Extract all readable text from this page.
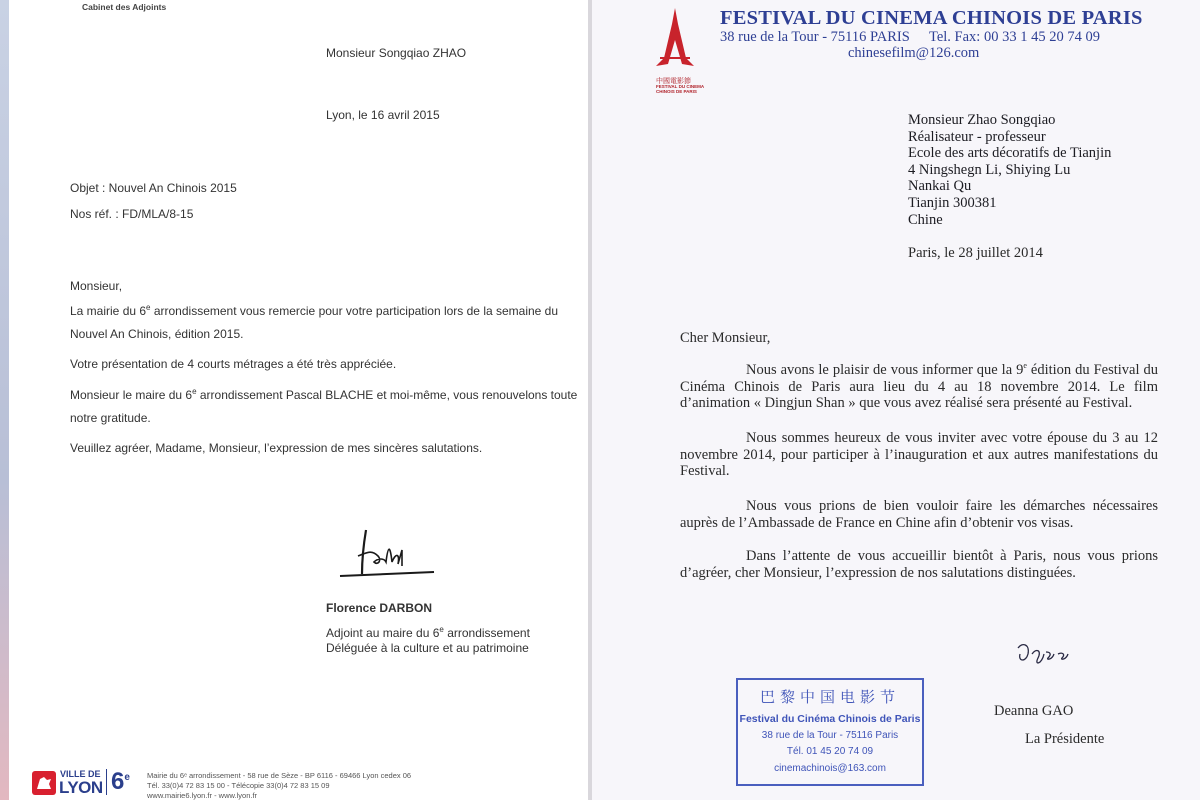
Cabinet des Adjoints
Monsieur Songqiao ZHAO
Lyon, le 16 avril 2015
Objet : Nouvel An Chinois 2015
Nos réf. : FD/MLA/8-15
Monsieur,
La mairie du 6e arrondissement vous remercie pour votre participation lors de la semaine du
Nouvel An Chinois, édition 2015.
Votre présentation de 4 courts métrages a été très appréciée.
Monsieur le maire du 6e arrondissement Pascal BLACHE et moi-même, vous renouvelons toute
notre gratitude.
Veuillez agréer, Madame, Monsieur, l’expression de mes sincères salutations.
Florence DARBON
Adjoint au maire du 6e arrondissement
Déléguée à la culture et au patrimoine
VILLE DE
LYON 6e Mairie du 6ᵉ arrondissement - 58 rue de Sèze - BP 6116 - 69466 Lyon cedex 06
Tél. 33(0)4 72 83 15 00 - Télécopie 33(0)4 72 83 15 09
www.mairie6.lyon.fr - www.lyon.fr
中國電影節
FESTIVAL DU CINEMA
CHINOIS DE PARIS
FESTIVAL DU CINEMA CHINOIS DE PARIS
38 rue de la Tour - 75116 PARIS Tel. Fax: 00 33 1 45 20 74 09
chinesefilm@126.com
Monsieur Zhao Songqiao
Réalisateur - professeur
Ecole des arts décoratifs de Tianjin
4 Ningshegn Li, Shiying Lu
Nankai Qu
Tianjin 300381
Chine
Paris, le 28 juillet 2014
Cher Monsieur,
Nous avons le plaisir de vous informer que la 9e édition du Festival du Cinéma Chinois de Paris aura lieu du 4 au 18 novembre 2014. Le film d’animation « Dingjun Shan » que vous avez réalisé sera présenté au Festival.
Nous sommes heureux de vous inviter avec votre épouse du 3 au 12 novembre 2014, pour participer à l’inauguration et aux autres manifestations du Festival.
Nous vous prions de bien vouloir faire les démarches nécessaires auprès de l’Ambassade de France en Chine afin d’obtenir vos visas.
Dans l’attente de vous accueillir bientôt à Paris, nous vous prions d’agréer, cher Monsieur, l’expression de nos salutations distinguées.
Deanna GAO
La Présidente
巴黎中国电影节
Festival du Cinéma Chinois de Paris
38 rue de la Tour - 75116 Paris
Tél. 01 45 20 74 09
cinemachinois@163.com
